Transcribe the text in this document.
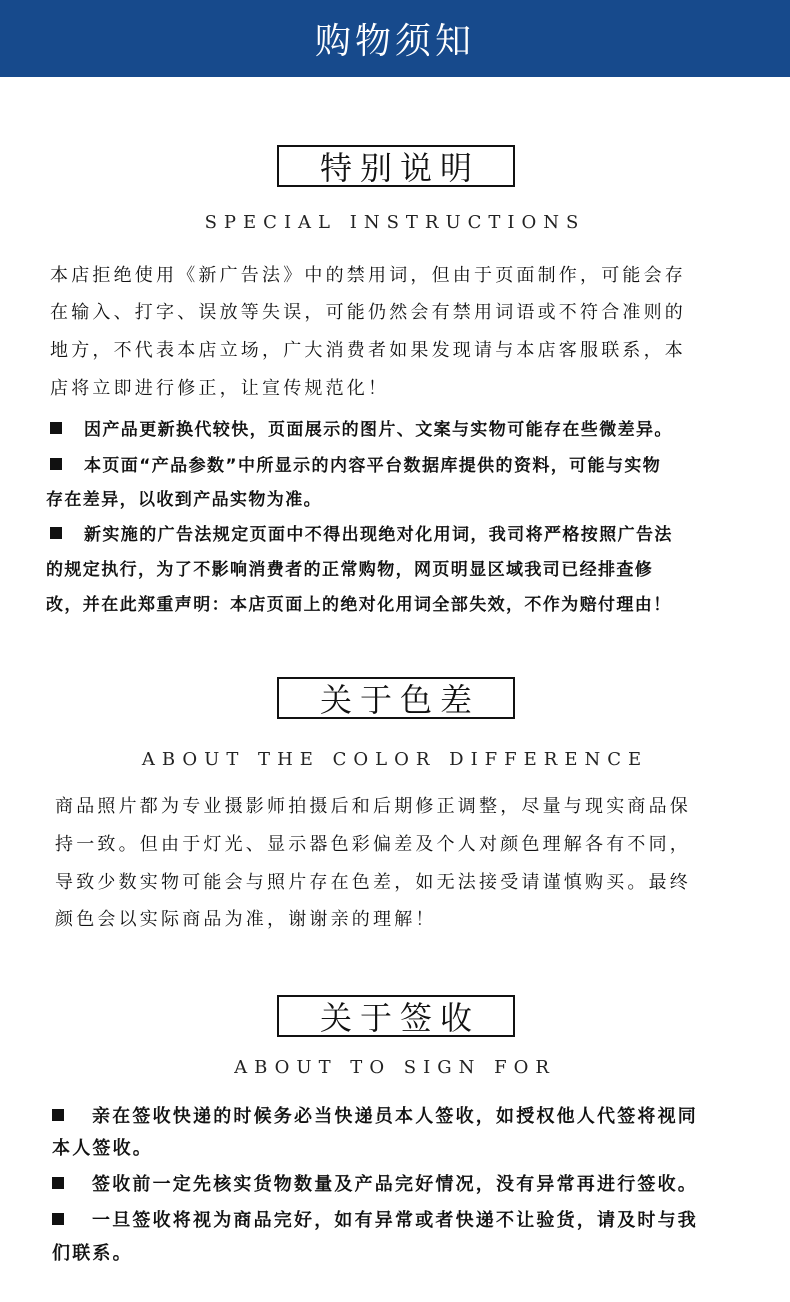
购物须知
特别说明
SPECIAL INSTRUCTIONS
本店拒绝使用《新广告法》中的禁用词，但由于页面制作，可能会存
在输入、打字、误放等失误，可能仍然会有禁用词语或不符合准则的
地方，不代表本店立场，广大消费者如果发现请与本店客服联系，本
店将立即进行修正，让宣传规范化！
因产品更新换代较快，页面展示的图片、文案与实物可能存在些微差异。
本页面“产品参数”中所显示的内容平台数据库提供的资料，可能与实物
存在差异，以收到产品实物为准。
新实施的广告法规定页面中不得出现绝对化用词，我司将严格按照广告法
的规定执行，为了不影响消费者的正常购物，网页明显区域我司已经排查修
改，并在此郑重声明：本店页面上的绝对化用词全部失效，不作为赔付理由！
关于色差
ABOUT THE COLOR DIFFERENCE
商品照片都为专业摄影师拍摄后和后期修正调整，尽量与现实商品保
持一致。但由于灯光、显示器色彩偏差及个人对颜色理解各有不同，
导致少数实物可能会与照片存在色差，如无法接受请谨慎购买。最终
颜色会以实际商品为准，谢谢亲的理解！
关于签收
ABOUT TO SIGN FOR
亲在签收快递的时候务必当快递员本人签收，如授权他人代签将视同
本人签收。
签收前一定先核实货物数量及产品完好情况，没有异常再进行签收。
一旦签收将视为商品完好，如有异常或者快递不让验货，请及时与我
们联系。
